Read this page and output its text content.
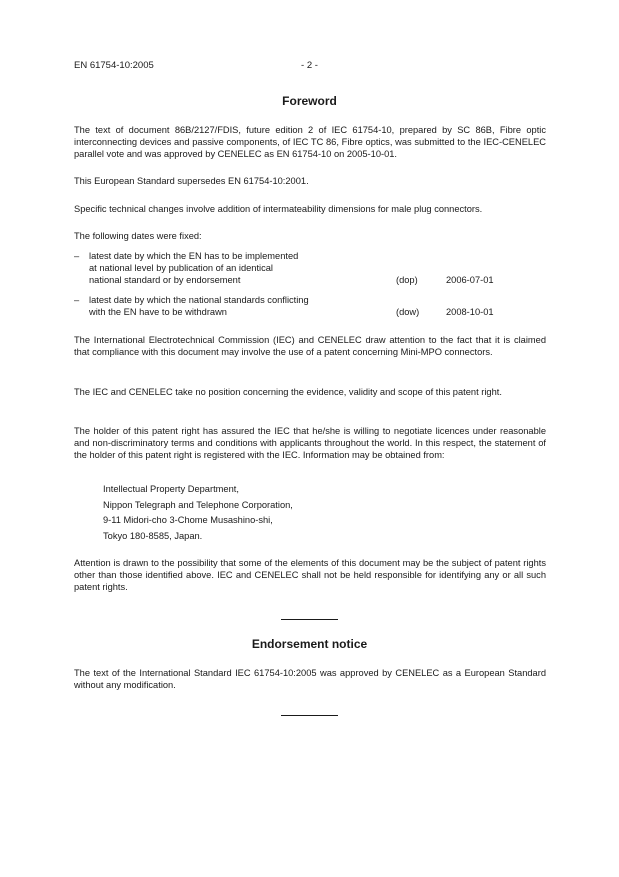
EN 61754-10:2005	- 2 -
Foreword

The text of document 86B/2127/FDIS, future edition 2 of IEC 61754-10, prepared by SC 86B, Fibre optic interconnecting devices and passive components, of IEC TC 86, Fibre optics, was submitted to the IEC-CENELEC parallel vote and was approved by CENELEC as EN 61754-10 on 2005-10-01.

This European Standard supersedes EN 61754-10:2001.

Specific technical changes involve addition of intermateability dimensions for male plug connectors.

The following dates were fixed:

– latest date by which the EN has to be implemented
at national level by publication of an identical
national standard or by endorsement	(dop)	2006-07-01
– latest date by which the national standards conflicting
with the EN have to be withdrawn	(dow)	2008-10-01

The International Electrotechnical Commission (IEC) and CENELEC draw attention to the fact that it is claimed that compliance with this document may involve the use of a patent concerning Mini-MPO connectors.

The IEC and CENELEC take no position concerning the evidence, validity and scope of this patent right.

The holder of this patent right has assured the IEC that he/she is willing to negotiate licences under reasonable and non-discriminatory terms and conditions with applicants throughout the world. In this respect, the statement of the holder of this patent right is registered with the IEC. Information may be obtained from:

Intellectual Property Department,
Nippon Telegraph and Telephone Corporation,
9-11 Midori-cho 3-Chome Musashino-shi,
Tokyo 180-8585, Japan.

Attention is drawn to the possibility that some of the elements of this document may be the subject of patent rights other than those identified above. IEC and CENELEC shall not be held responsible for identifying any or all such patent rights.

Endorsement notice

The text of the International Standard IEC 61754-10:2005 was approved by CENELEC as a European Standard without any modification.
